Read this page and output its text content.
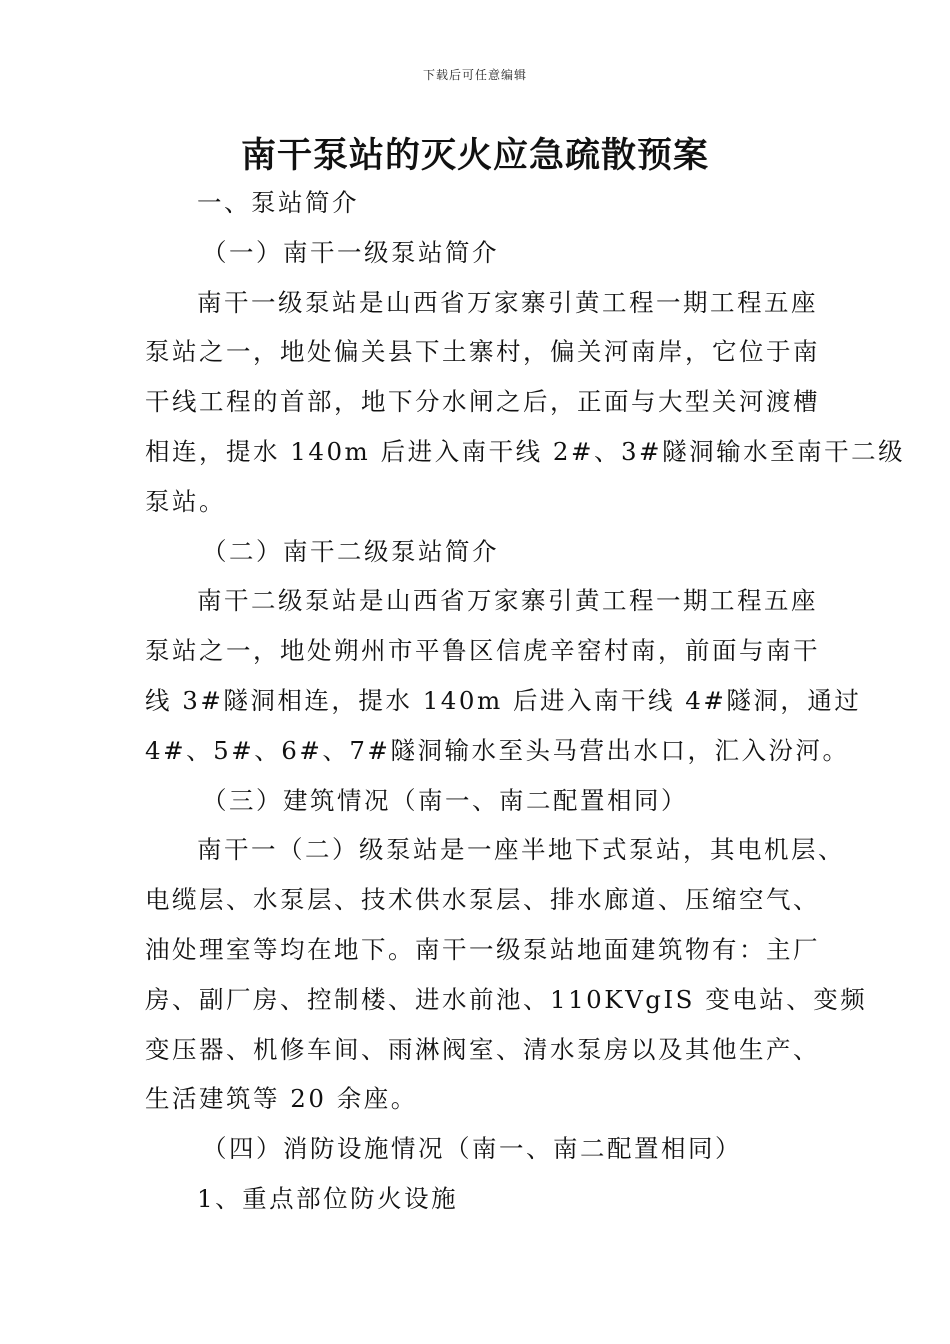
下载后可任意编辑
南干泵站的灭火应急疏散预案
一、泵站简介
（一）南干一级泵站简介
南干一级泵站是山西省万家寨引黄工程一期工程五座
泵站之一，地处偏关县下土寨村，偏关河南岸，它位于南
干线工程的首部，地下分水闸之后，正面与大型关河渡槽
相连，提水 140m 后进入南干线 2#、3#隧洞输水至南干二级
泵站。
（二）南干二级泵站简介
南干二级泵站是山西省万家寨引黄工程一期工程五座
泵站之一，地处朔州市平鲁区信虎辛窑村南，前面与南干
线 3#隧洞相连，提水 140m 后进入南干线 4#隧洞，通过
4#、5#、6#、7#隧洞输水至头马营出水口，汇入汾河。
（三）建筑情况（南一、南二配置相同）
南干一（二）级泵站是一座半地下式泵站，其电机层、
电缆层、水泵层、技术供水泵层、排水廊道、压缩空气、
油处理室等均在地下。南干一级泵站地面建筑物有：主厂
房、副厂房、控制楼、进水前池、110KVgIS 变电站、变频
变压器、机修车间、雨淋阀室、清水泵房以及其他生产、
生活建筑等 20 余座。
（四）消防设施情况（南一、南二配置相同）
1、重点部位防火设施
